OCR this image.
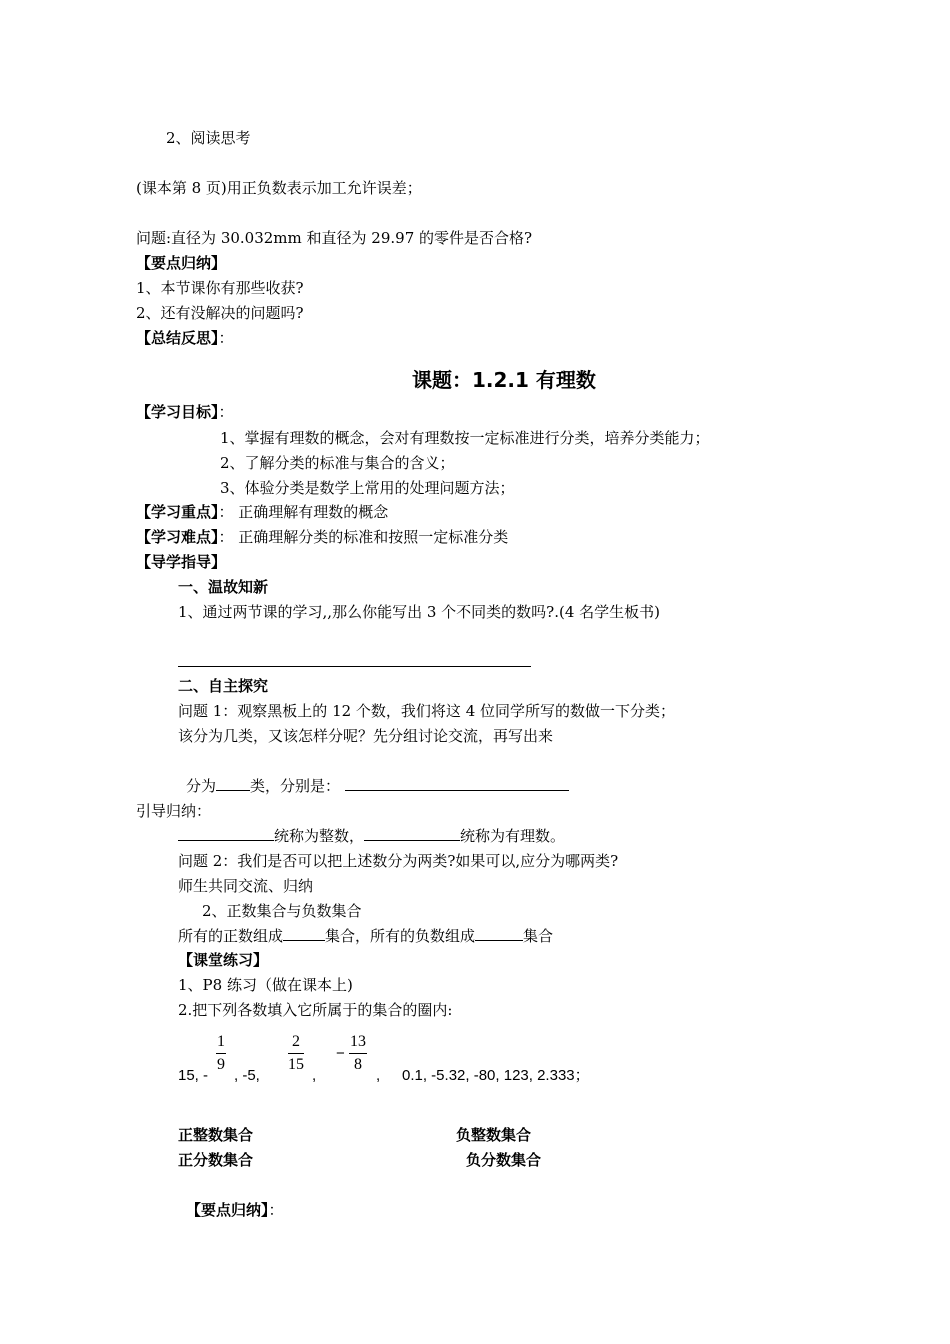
2、阅读思考
(课本第 8 页)用正负数表示加工允许误差；
问题:直径为 30.032mm 和直径为 29.97 的零件是否合格?
【要点归纳】
1、本节课你有那些收获?
2、还有没解决的问题吗?
【总结反思】：
课题：1.2.1 有理数
【学习目标】：
1、掌握有理数的概念，会对有理数按一定标准进行分类，培养分类能力；
2、了解分类的标准与集合的含义；
3、体验分类是数学上常用的处理问题方法；
【学习重点】： 正确理解有理数的概念
【学习难点】： 正确理解分类的标准和按照一定标准分类
【导学指导】
一、温故知新
1、通过两节课的学习,,那么你能写出 3 个不同类的数吗?.(4 名学生板书)
二、自主探究
问题 1：观察黑板上的 12 个数，我们将这 4 位同学所写的数做一下分类；
该分为几类，又该怎样分呢？先分组讨论交流，再写出来
分为 类，分别是：
引导归纳：
统称为整数，	统称为有理数。
问题 2：我们是否可以把上述数分为两类?如果可以,应分为哪两类?
师生共同交流、归纳
2、正数集合与负数集合
所有的正数组成	集合，所有的负数组成	集合
【课堂练习】
1、P8 练习（做在课本上)
2.把下列各数填入它所属于的集合的圈内:
15, -
1
9
, -5,
2
15
,
−
13
8
, 0.1, -5.32, -80, 123, 2.333；
正整数集合	负整数集合
正分数集合	负分数集合
【要点归纳】：
